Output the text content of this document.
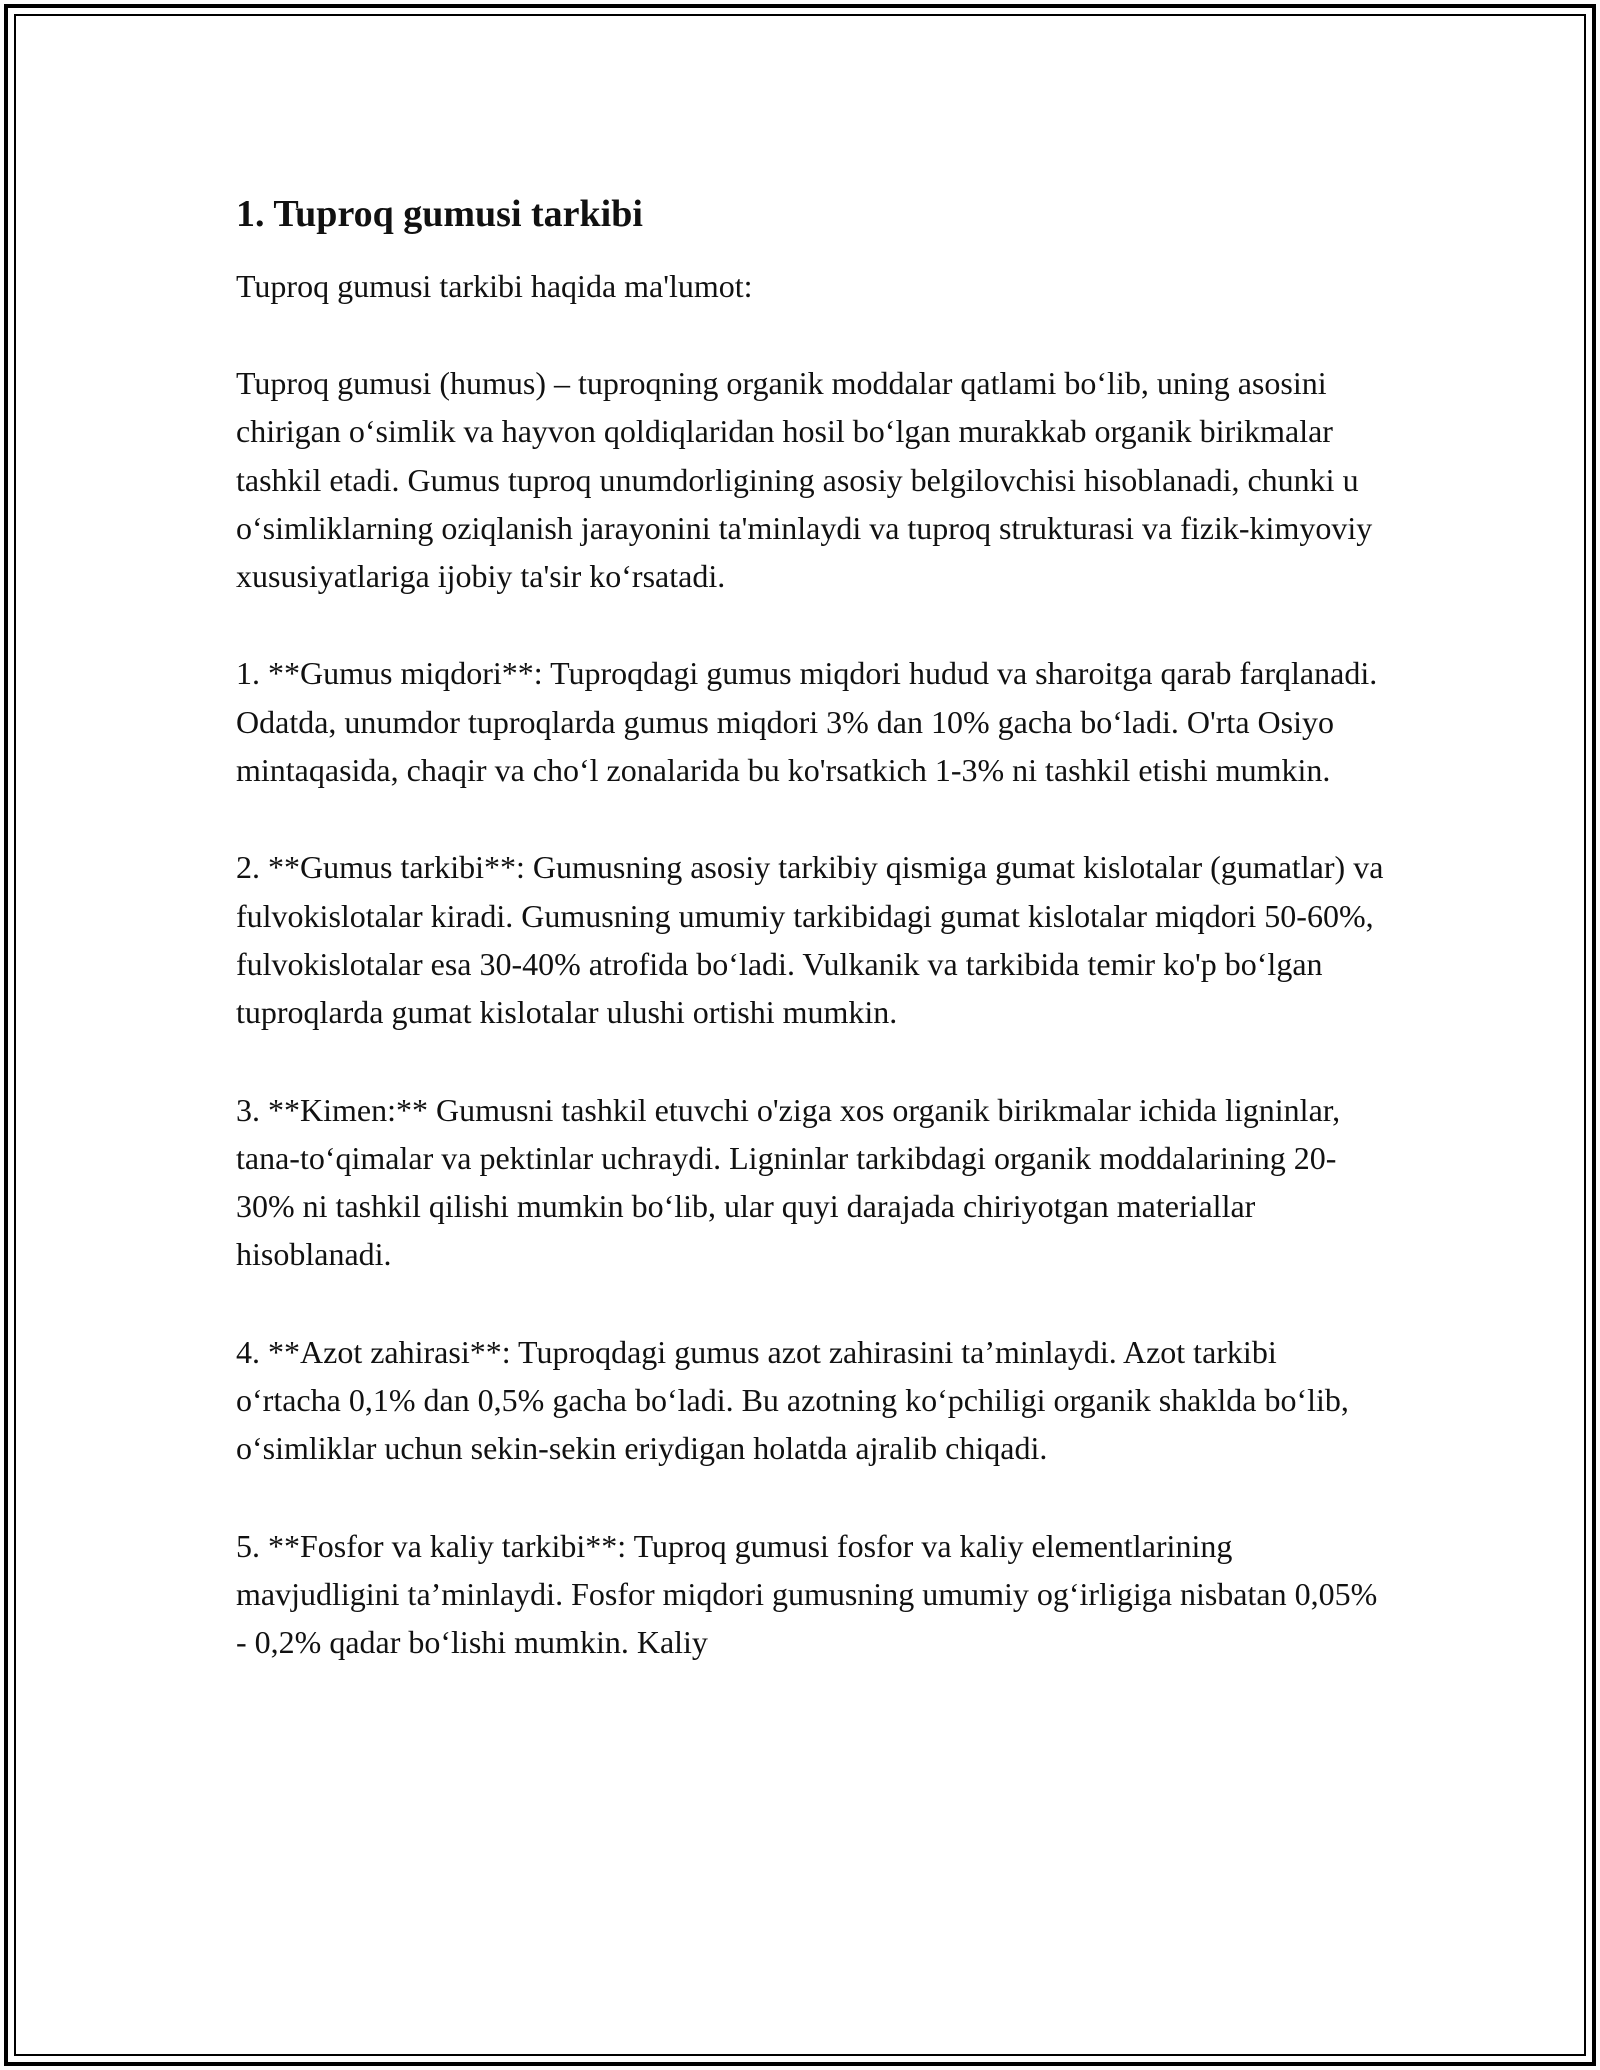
1. Tuproq gumusi tarkibi

Tuproq gumusi tarkibi haqida ma'lumot:

Tuproq gumusi (humus) – tuproqning organik moddalar qatlami bo‘lib, uning asosini chirigan o‘simlik va hayvon qoldiqlaridan hosil bo‘lgan murakkab organik birikmalar tashkil etadi. Gumus tuproq unumdorligining asosiy belgilovchisi hisoblanadi, chunki u o‘simliklarning oziqlanish jarayonini ta'minlaydi va tuproq strukturasi va fizik-kimyoviy xususiyatlariga ijobiy ta'sir ko‘rsatadi.

1. **Gumus miqdori**: Tuproqdagi gumus miqdori hudud va sharoitga qarab farqlanadi. Odatda, unumdor tuproqlarda gumus miqdori 3% dan 10% gacha bo‘ladi. O'rta Osiyo mintaqasida, chaqir va cho‘l zonalarida bu ko'rsatkich 1-3% ni tashkil etishi mumkin.

2. **Gumus tarkibi**: Gumusning asosiy tarkibiy qismiga gumat kislotalar (gumatlar) va fulvokislotalar kiradi. Gumusning umumiy tarkibidagi gumat kislotalar miqdori 50-60%, fulvokislotalar esa 30-40% atrofida bo‘ladi. Vulkanik va tarkibida temir ko'p bo‘lgan tuproqlarda gumat kislotalar ulushi ortishi mumkin.

3. **Kimen:** Gumusni tashkil etuvchi o'ziga xos organik birikmalar ichida ligninlar, tana-to‘qimalar va pektinlar uchraydi. Ligninlar tarkibdagi organik moddalarining 20-30% ni tashkil qilishi mumkin bo‘lib, ular quyi darajada chiriyotgan materiallar hisoblanadi.

4. **Azot zahirasi**: Tuproqdagi gumus azot zahirasini ta’minlaydi. Azot tarkibi o‘rtacha 0,1% dan 0,5% gacha bo‘ladi. Bu azotning ko‘pchiligi organik shaklda bo‘lib, o‘simliklar uchun sekin-sekin eriydigan holatda ajralib chiqadi.

5. **Fosfor va kaliy tarkibi**: Tuproq gumusi fosfor va kaliy elementlarining mavjudligini ta’minlaydi. Fosfor miqdori gumusning umumiy og‘irligiga nisbatan 0,05% - 0,2% qadar bo‘lishi mumkin. Kaliy
